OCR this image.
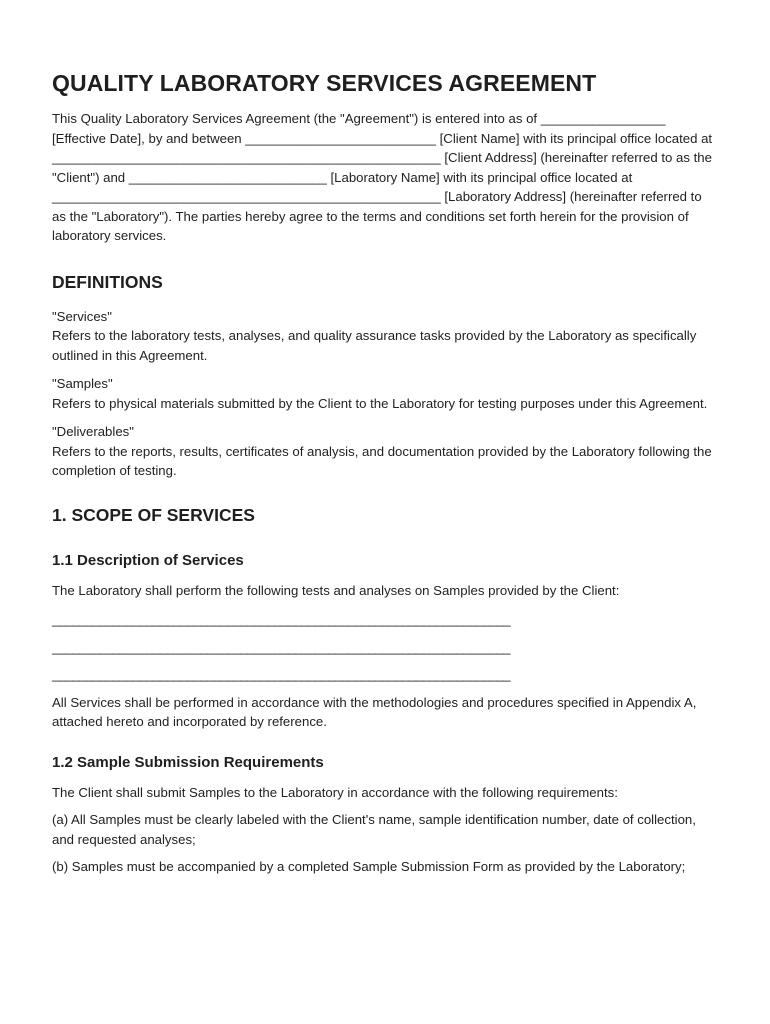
QUALITY LABORATORY SERVICES AGREEMENT

This Quality Laboratory Services Agreement (the "Agreement") is entered into as of _________________ [Effective Date], by and between __________________________ [Client Name] with its principal office located at _____________________________________________________ [Client Address] (hereinafter referred to as the "Client") and ___________________________ [Laboratory Name] with its principal office located at _____________________________________________________ [Laboratory Address] (hereinafter referred to as the "Laboratory"). The parties hereby agree to the terms and conditions set forth herein for the provision of laboratory services.

DEFINITIONS

"Services"

Refers to the laboratory tests, analyses, and quality assurance tasks provided by the Laboratory as specifically outlined in this Agreement.

"Samples"

Refers to physical materials submitted by the Client to the Laboratory for testing purposes under this Agreement.

"Deliverables"

Refers to the reports, results, certificates of analysis, and documentation provided by the Laboratory following the completion of testing.

1. SCOPE OF SERVICES
1.1 Description of Services

The Laboratory shall perform the following tests and analyses on Samples provided by the Client:

____________________________________________________________________

____________________________________________________________________

____________________________________________________________________

All Services shall be performed in accordance with the methodologies and procedures specified in Appendix A, attached hereto and incorporated by reference.

1.2 Sample Submission Requirements

The Client shall submit Samples to the Laboratory in accordance with the following requirements:

(a) All Samples must be clearly labeled with the Client's name, sample identification number, date of collection, and requested analyses;

(b) Samples must be accompanied by a completed Sample Submission Form as provided by the Laboratory;
